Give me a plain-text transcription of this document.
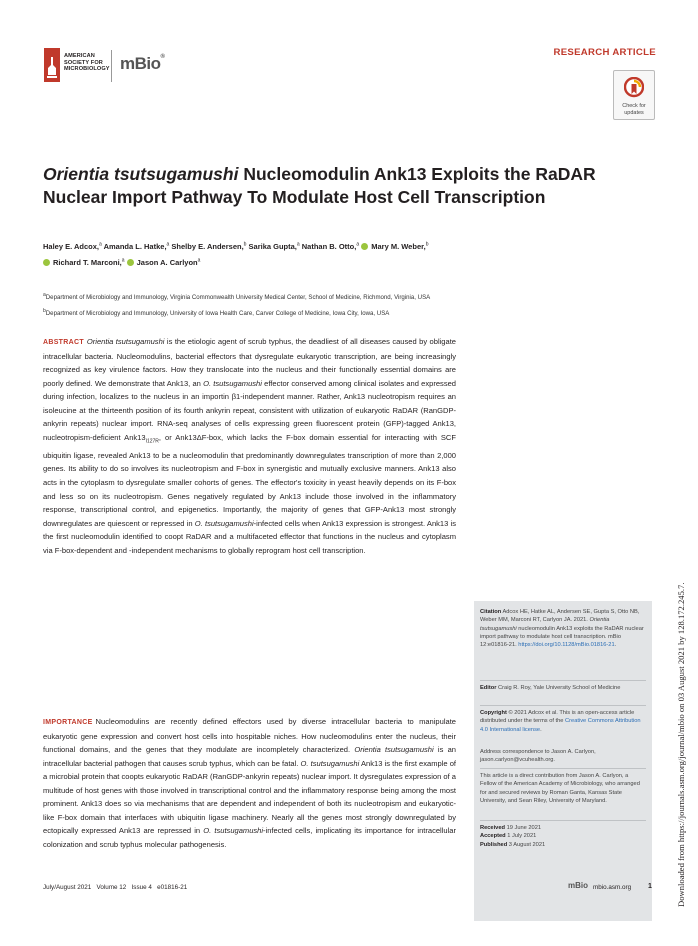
AMERICAN
SOCIETY FOR
MICROBIOLOGY mBio®	RESEARCH ARTICLE
Check for
updates
Orientia tsutsugamushi Nucleomodulin Ank13 Exploits the RaDAR Nuclear Import Pathway To Modulate Host Cell Transcription
Haley E. Adcox,$^a$ Amanda L. Hatke,$^a$ Shelby E. Andersen,$^b$ Sarika Gupta,$^a$ Nathan B. Otto,$^a$ Mary M. Weber,$^b$
Richard T. Marconi,$^a$ Jason A. Carlyon$^a$
$^a$Department of Microbiology and Immunology, Virginia Commonwealth University Medical Center, School of Medicine, Richmond, Virginia, USA
$^b$Department of Microbiology and Immunology, University of Iowa Health Care, Carver College of Medicine, Iowa City, Iowa, USA
ABSTRACT Orientia tsutsugamushi is the etiologic agent of scrub typhus, the deadliest of all diseases caused by obligate intracellular bacteria. Nucleomodulins, bacterial effectors that dysregulate eukaryotic transcription, are being increasingly recognized as key virulence factors. How they translocate into the nucleus and their functionally essential domains are poorly defined. We demonstrate that Ank13, an O. tsutsugamushi effector conserved among clinical isolates and expressed during infection, localizes to the nucleus in an importin β1-independent manner. Rather, Ank13 nucleotropism requires an isoleucine at the thirteenth position of its fourth ankyrin repeat, consistent with utilization of eukaryotic RaDAR (RanGDP-ankyrin repeats) nuclear import. RNA-seq analyses of cells expressing green fluorescent protein (GFP)-tagged Ank13, nucleotropism-deficient $Ank13_{I127R}$, or Ank13ΔF-box, which lacks the F-box domain essential for interacting with SCF ubiquitin ligase, revealed Ank13 to be a nucleomodulin that predominantly downregulates transcription of more than 2,000 genes. Its ability to do so involves its nucleotropism and F-box in synergistic and mutually exclusive manners. Ank13 also acts in the cytoplasm to dysregulate smaller cohorts of genes. The effector's toxicity in yeast heavily depends on its F-box and less so on its nucleotropism. Genes negatively regulated by Ank13 include those involved in the inflammatory response, transcriptional control, and epigenetics. Importantly, the majority of genes that GFP-Ank13 most strongly downregulates are quiescent or repressed in O. tsutsugamushi-infected cells when Ank13 expression is strongest. Ank13 is the first nucleomodulin identified to coopt RaDAR and a multifaceted effector that functions in the nucleus and cytoplasm via F-box-dependent and -independent mechanisms to globally reprogram host cell transcription.
IMPORTANCE Nucleomodulins are recently defined effectors used by diverse intracellular bacteria to manipulate eukaryotic gene expression and convert host cells into hospitable niches. How nucleomodulins enter the nucleus, their functional domains, and the genes that they modulate are incompletely characterized. Orientia tsutsugamushi is an intracellular bacterial pathogen that causes scrub typhus, which can be fatal. O. tsutsugamushi Ank13 is the first example of a microbial protein that coopts eukaryotic RaDAR (RanGDP-ankyrin repeats) nuclear import. It dysregulates expression of a multitude of host genes with those involved in transcriptional control and the inflammatory response being among the most prominent. Ank13 does so via mechanisms that are dependent and independent of both its nucleotropism and eukaryotic-like F-box domain that interfaces with ubiquitin ligase machinery. Nearly all the genes most strongly downregulated by ectopically expressed Ank13 are repressed in O. tsutsugamushi-infected cells, implicating its importance for intracellular colonization and scrub typhus molecular pathogenesis.
Citation Adcox HE, Hatke AL, Andersen SE, Gupta S, Otto NB, Weber MM, Marconi RT, Carlyon JA. 2021. Orientia tsutsugamushi nucleomodulin Ank13 exploits the RaDAR nuclear import pathway to modulate host cell transcription. mBio 12:e01816-21. https://doi.org/10.1128/mBio.01816-21.
Editor Craig R. Roy, Yale University School of Medicine
Copyright © 2021 Adcox et al. This is an open-access article distributed under the terms of the Creative Commons Attribution 4.0 International license.
Address correspondence to Jason A. Carlyon,
jason.carlyon@vcuhealth.org.
This article is a direct contribution from Jason A. Carlyon, a Fellow of the American Academy of Microbiology, who arranged for and secured reviews by Roman Ganta, Kansas State University, and Sean Riley, University of Maryland.
Received 19 June 2021
Accepted 1 July 2021
Published 3 August 2021
July/August 2021   Volume 12   Issue 4   e01816-21	mBio mbio.asm.org 1	Downloaded from https://journals.asm.org/journal/mbio on 03 August 2021 by 128.172.245.7.
